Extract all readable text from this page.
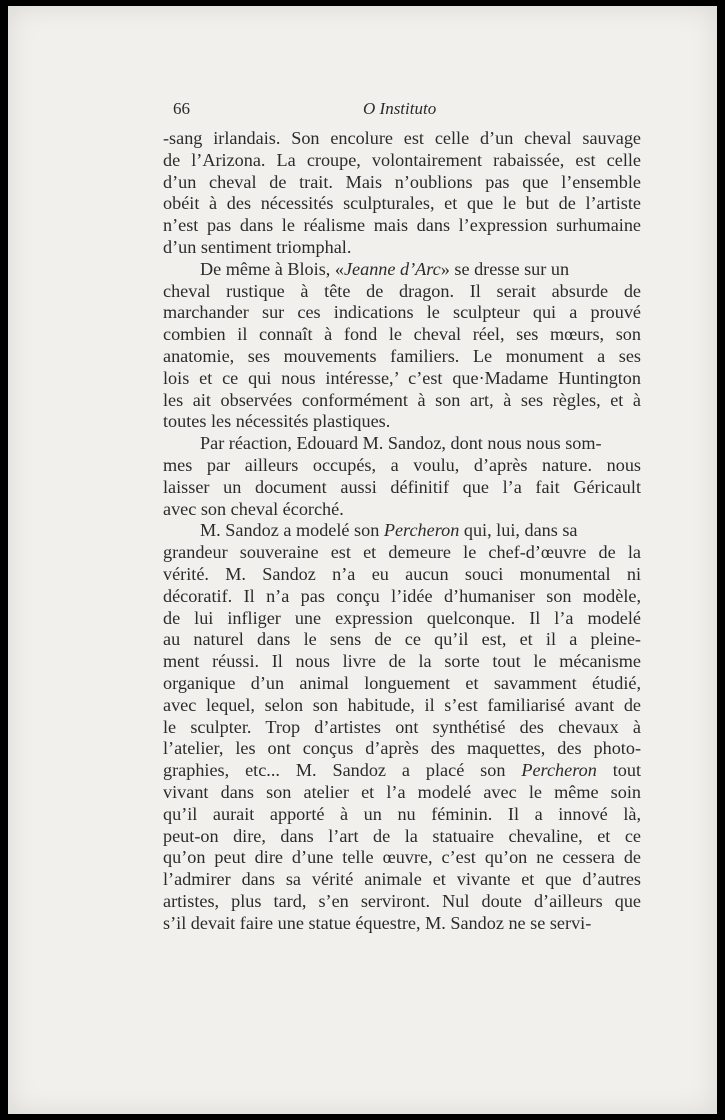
66	O Instituto
-sang irlandais. Son encolure est celle d’un cheval sauvage
de l’Arizona. La croupe, volontairement rabaissée, est celle
d’un cheval de trait. Mais n’oublions pas que l’ensemble
obéit à des nécessités sculpturales, et que le but de l’artiste
n’est pas dans le réalisme mais dans l’expression surhumaine
d’un sentiment triomphal.
De même à Blois, «Jeanne d’Arc» se dresse sur un
cheval rustique à tête de dragon. Il serait absurde de
marchander sur ces indications le sculpteur qui a prouvé
combien il connaît à fond le cheval réel, ses mœurs, son
anatomie, ses mouvements familiers. Le monument a ses
lois et ce qui nous intéresse,’ c’est que·Madame Huntington
les ait observées conformément à son art, à ses règles, et à
toutes les nécessités plastiques.
Par réaction, Edouard M. Sandoz, dont nous nous som-
mes par ailleurs occupés, a voulu, d’après nature. nous
laisser un document aussi définitif que l’a fait Géricault
avec son cheval écorché.
M. Sandoz a modelé son Percheron qui, lui, dans sa
grandeur souveraine est et demeure le chef-d’œuvre de la
vérité. M. Sandoz n’a eu aucun souci monumental ni
décoratif. Il n’a pas conçu l’idée d’humaniser son modèle,
de lui infliger une expression quelconque. Il l’a modelé
au naturel dans le sens de ce qu’il est, et il a pleine-
ment réussi. Il nous livre de la sorte tout le mécanisme
organique d’un animal longuement et savamment étudié,
avec lequel, selon son habitude, il s’est familiarisé avant de
le sculpter. Trop d’artistes ont synthétisé des chevaux à
l’atelier, les ont conçus d’après des maquettes, des photo-
graphies, etc... M. Sandoz a placé son Percheron tout
vivant dans son atelier et l’a modelé avec le même soin
qu’il aurait apporté à un nu féminin. Il a innové là,
peut-on dire, dans l’art de la statuaire chevaline, et ce
qu’on peut dire d’une telle œuvre, c’est qu’on ne cessera de
l’admirer dans sa vérité animale et vivante et que d’autres
artistes, plus tard, s’en serviront. Nul doute d’ailleurs que
s’il devait faire une statue équestre, M. Sandoz ne se servi-
